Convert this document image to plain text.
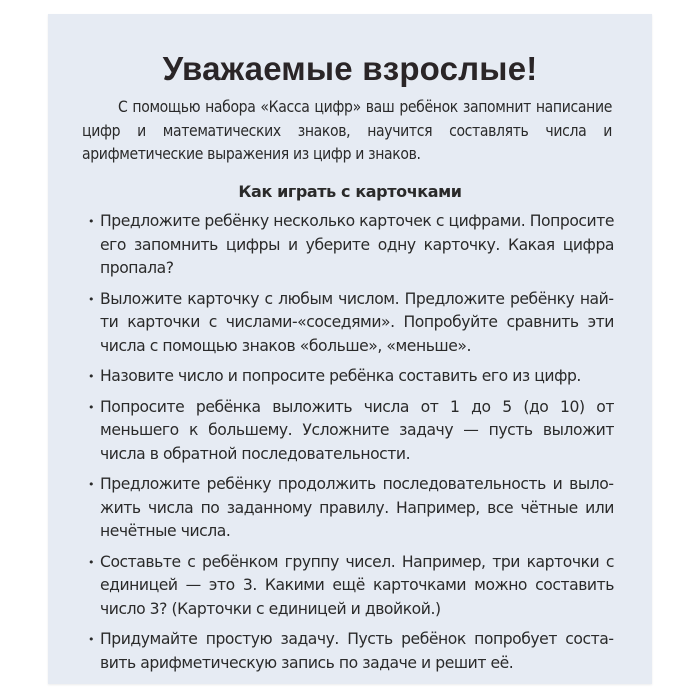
Уважаемые взрослые!

С помощью набора «Касса цифр» ваш ребёнок запомнит написание цифр и математических знаков, научится составлять числа и арифметические выражения из цифр и знаков.

Как играть с карточками
• Предложите ребёнку несколько карточек с цифрами. Попросите его запомнить цифры и уберите одну карточку. Какая цифра пропала?
• Выложите карточку с любым числом. Предложите ребёнку найти карточки с числами-«соседями». Попробуйте сравнить эти числа с помощью знаков «больше», «меньше».
• Назовите число и попросите ребёнка составить его из цифр.
• Попросите ребёнка выложить числа от 1 до 5 (до 10) от меньшего к большему. Усложните задачу — пусть выложит числа в обратной последовательности.
• Предложите ребёнку продолжить последовательность и выложить числа по заданному правилу. Например, все чётные или нечётные числа.
• Составьте с ребёнком группу чисел. Например, три карточки с единицей — это 3. Какими ещё карточками можно составить число 3? (Карточки с единицей и двойкой.)
• Придумайте простую задачу. Пусть ребёнок попробует составить арифметическую запись по задаче и решит её.
